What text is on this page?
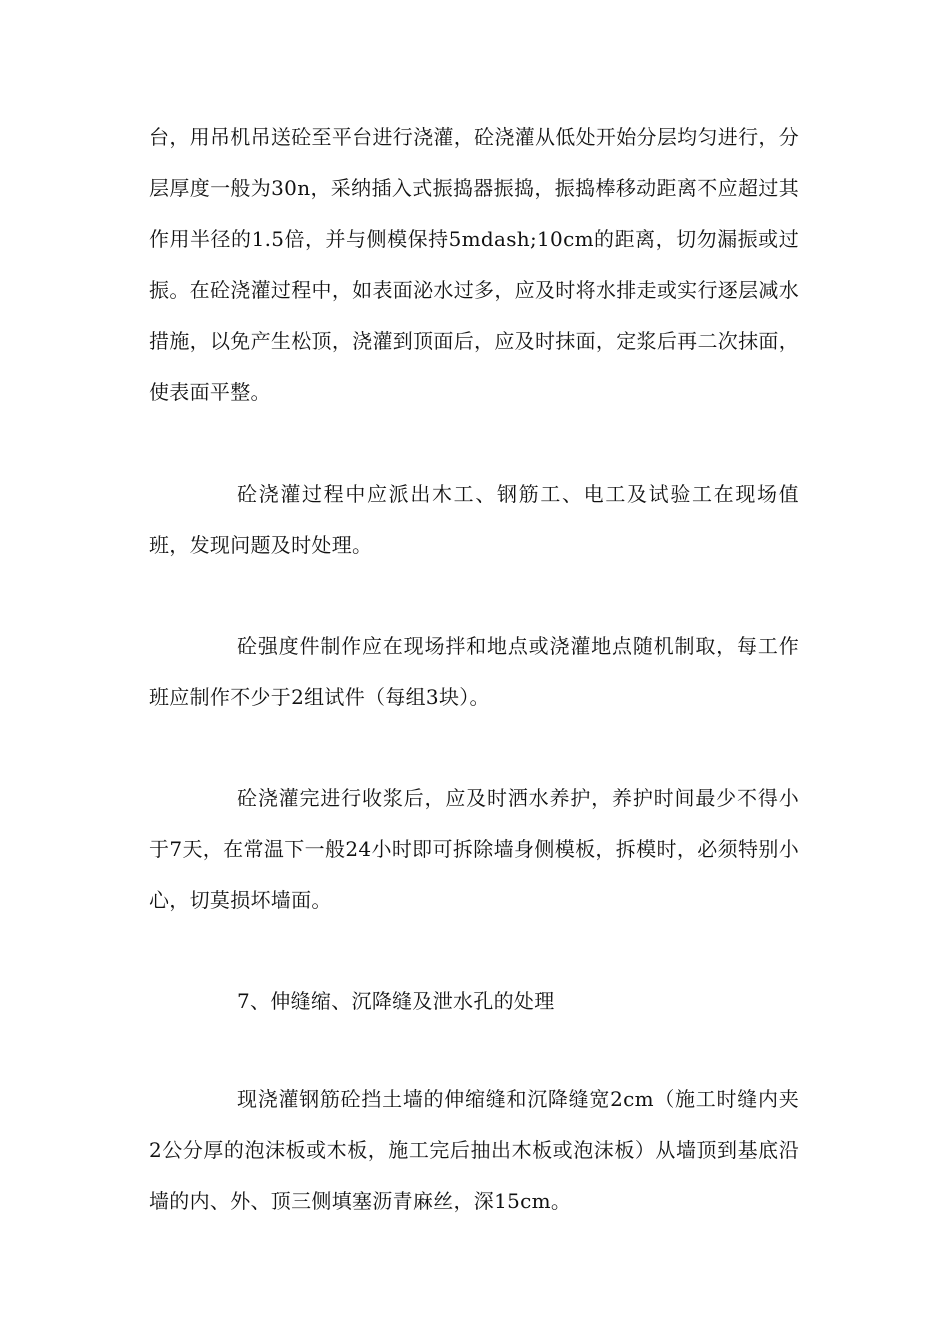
台，用吊机吊送砼至平台进行浇灌，砼浇灌从低处开始分层均匀进行，分层厚度一般为30n，采纳插入式振捣器振捣，振捣棒移动距离不应超过其作用半径的1.5倍，并与侧模保持5mdash;10cm的距离，切勿漏振或过振。在砼浇灌过程中，如表面泌水过多，应及时将水排走或实行逐层减水措施，以免产生松顶，浇灌到顶面后，应及时抹面，定浆后再二次抹面，使表面平整。

砼浇灌过程中应派出木工、钢筋工、电工及试验工在现场值班，发现问题及时处理。

砼强度件制作应在现场拌和地点或浇灌地点随机制取，每工作班应制作不少于2组试件（每组3块）。

砼浇灌完进行收浆后，应及时洒水养护，养护时间最少不得小于7天，在常温下一般24小时即可拆除墙身侧模板，拆模时，必须特别小心，切莫损坏墙面。

7、伸缝缩、沉降缝及泄水孔的处理

现浇灌钢筋砼挡土墙的伸缩缝和沉降缝宽2cm（施工时缝内夹2公分厚的泡沫板或木板，施工完后抽出木板或泡沫板）从墙顶到基底沿墙的内、外、顶三侧填塞沥青麻丝，深15cm。
